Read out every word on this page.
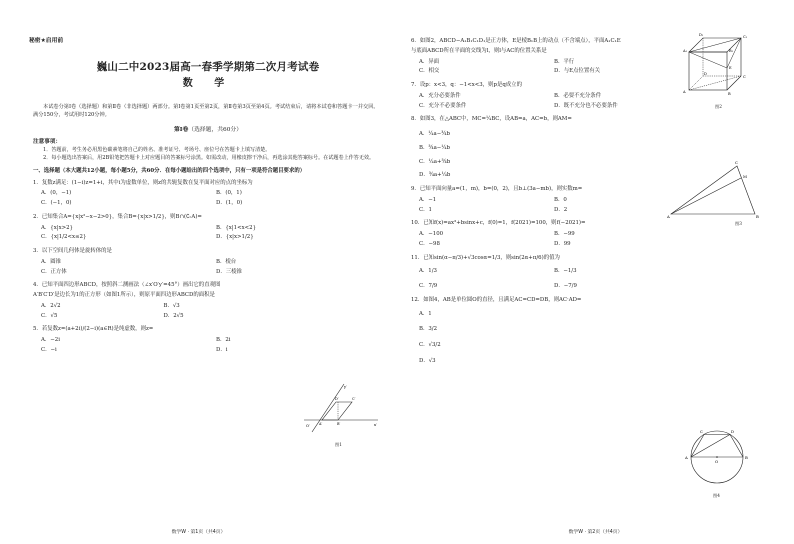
秘密★启用前
巍山二中2023届高一春季学期第二次月考试卷
数 学
本试卷分第Ⅰ卷（选择题）和第Ⅱ卷（非选择题）两部分。第Ⅰ卷第1页至第2页，第Ⅱ卷第3页至第4页。考试结束后，请将本试卷和答题卡一并交回。满分150分，考试用时120分钟。
第Ⅰ卷（选择题，共60分）
注意事项：
1．答题前，考生务必用黑色碳素笔将自己的姓名、准考证号、考场号、座位号在答题卡上填写清楚。
2．每小题选出答案后，用2B铅笔把答题卡上对应题目的答案标号涂黑。如需改动，用橡皮擦干净后，再选涂其他答案标号。在试题卷上作答无效。
一、选择题（本大题共12小题，每小题5分，共60分．在每小题给出的四个选项中，只有一项是符合题目要求的）
1．复数z满足：(1−i)z=1+i，其中i为虚数单位，则z的共轭复数在复平面对应的点的坐标为
A．(0，−1)	B．(0，1)
C．(−1，0)	D．(1，0)
2．已知集合A={x|x²−x−2>0}，集合B={x|x>1/2}，则B∩(∁ᵣA)=
A．{x|x>2}	B．{x|1<x<2}
C．{x|1/2<x≤2}	D．{x|x>1/2}
3．以下空间几何体是旋转体的是
A．圆锥	B．棱台
C．正方体	D．三棱锥
4．已知平面四边形ABCD，按照斜二测画法（∠x′O′y′=45°）画出它的直观图
A′B′C′D′是边长为1的正方形（如图1所示），则原平面四边形ABCD的面积是
A．2√2	B．√3
C．√5	D．2√5
5．若复数z=(a+2i)/(2−i)(a∈R)是纯虚数，则z=
A．−2i	B．2i
C．−i	D．i
O′	x′
y′
D′	C′
A′	B′
图1
数学W · 第1页（共4页）
6．如图2，ABCD−A₁B₁C₁D₁是正方体，E是棱B₁B上的动点（不含端点），平面A₁C₁E
与底面ABCD所在平面的交线为l，则l与AC的位置关系是
A．异面	B．平行
C．相交	D．与E点位置有关
7．设p：x<3，q：−1<x<3，则p是q成立的
A．充分必要条件	B．必要不充分条件
C．充分不必要条件	D．既不充分也不必要条件
8．如图3，在△ABC中，MC=¼BC，设AB=a，AC=b，则AM=
A．¼a−¾b
B．¾a−¼b
C．¼a+¾b
D．¾a+¼b
9．已知平面向量a=(1，m)，b=(0，2)，且b⊥(3a−mb)，则实数m=
A．−1	B．0
C．1	D．2
10．已知f(x)=ax³+bsinx+c，f(0)=1，f(2021)=100，则f(−2021)=
A．−100	B．−99
C．−98	D．99
11．已知sin(α−π/3)+√3cosα=1/3，则sin(2α+π/6)的值为
A．1/3	B．−1/3
C．7/9	D．−7/9
12．如图4，AB是单位圆O的直径，且满足AC=CD=DB，则AC·AD=
A．1
B．3/2
C．√3/2
D．√3
A₁
D₁	C₁
B₁
E
A
D
C
B
图2
A
C
M
B
图3
A
C	D
B
O
图4
数学W · 第2页（共4页）
